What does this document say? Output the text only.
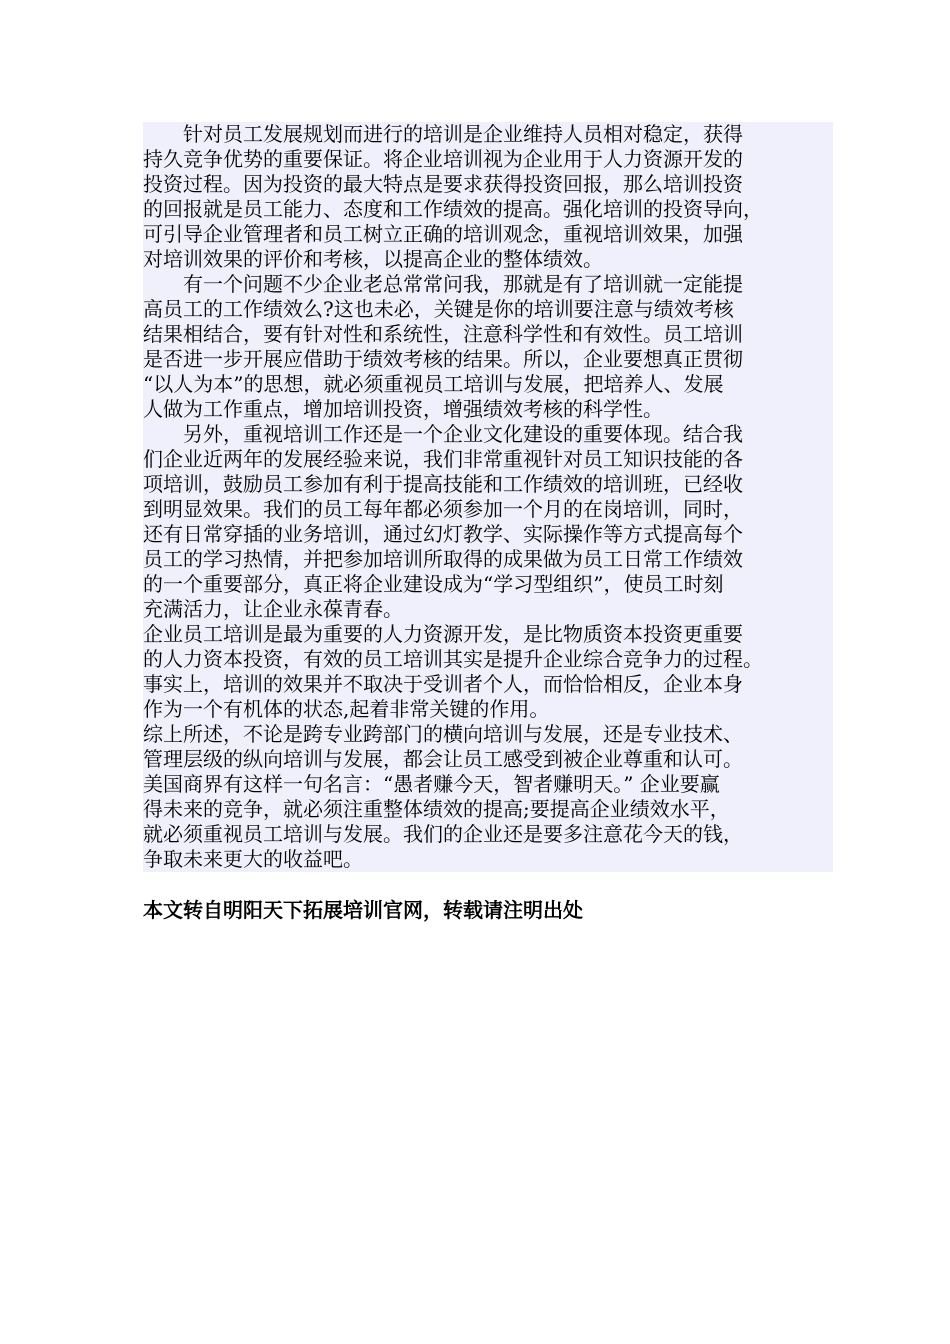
　　针对员工发展规划而进行的培训是企业维持人员相对稳定，获得
持久竞争优势的重要保证。将企业培训视为企业用于人力资源开发的
投资过程。因为投资的最大特点是要求获得投资回报，那么培训投资
的回报就是员工能力、态度和工作绩效的提高。强化培训的投资导向，
可引导企业管理者和员工树立正确的培训观念，重视培训效果，加强
对培训效果的评价和考核，以提高企业的整体绩效。
　　有一个问题不少企业老总常常问我，那就是有了培训就一定能提
高员工的工作绩效么?这也未必，关键是你的培训要注意与绩效考核
结果相结合，要有针对性和系统性，注意科学性和有效性。员工培训
是否进一步开展应借助于绩效考核的结果。所以，企业要想真正贯彻
“以人为本”的思想，就必须重视员工培训与发展，把培养人、发展
人做为工作重点，增加培训投资，增强绩效考核的科学性。
　　另外，重视培训工作还是一个企业文化建设的重要体现。结合我
们企业近两年的发展经验来说，我们非常重视针对员工知识技能的各
项培训，鼓励员工参加有利于提高技能和工作绩效的培训班，已经收
到明显效果。我们的员工每年都必须参加一个月的在岗培训，同时，
还有日常穿插的业务培训，通过幻灯教学、实际操作等方式提高每个
员工的学习热情，并把参加培训所取得的成果做为员工日常工作绩效
的一个重要部分，真正将企业建设成为“学习型组织”，使员工时刻
充满活力，让企业永葆青春。
企业员工培训是最为重要的人力资源开发，是比物质资本投资更重要
的人力资本投资，有效的员工培训其实是提升企业综合竞争力的过程。
事实上，培训的效果并不取决于受训者个人，而恰恰相反，企业本身
作为一个有机体的状态,起着非常关键的作用。
综上所述，不论是跨专业跨部门的横向培训与发展，还是专业技术、
管理层级的纵向培训与发展，都会让员工感受到被企业尊重和认可。
美国商界有这样一句名言：“愚者赚今天，智者赚明天。” 企业要赢
得未来的竞争，就必须注重整体绩效的提高;要提高企业绩效水平，
就必须重视员工培训与发展。我们的企业还是要多注意花今天的钱，
争取未来更大的收益吧。
本文转自明阳天下拓展培训官网，转载请注明出处
